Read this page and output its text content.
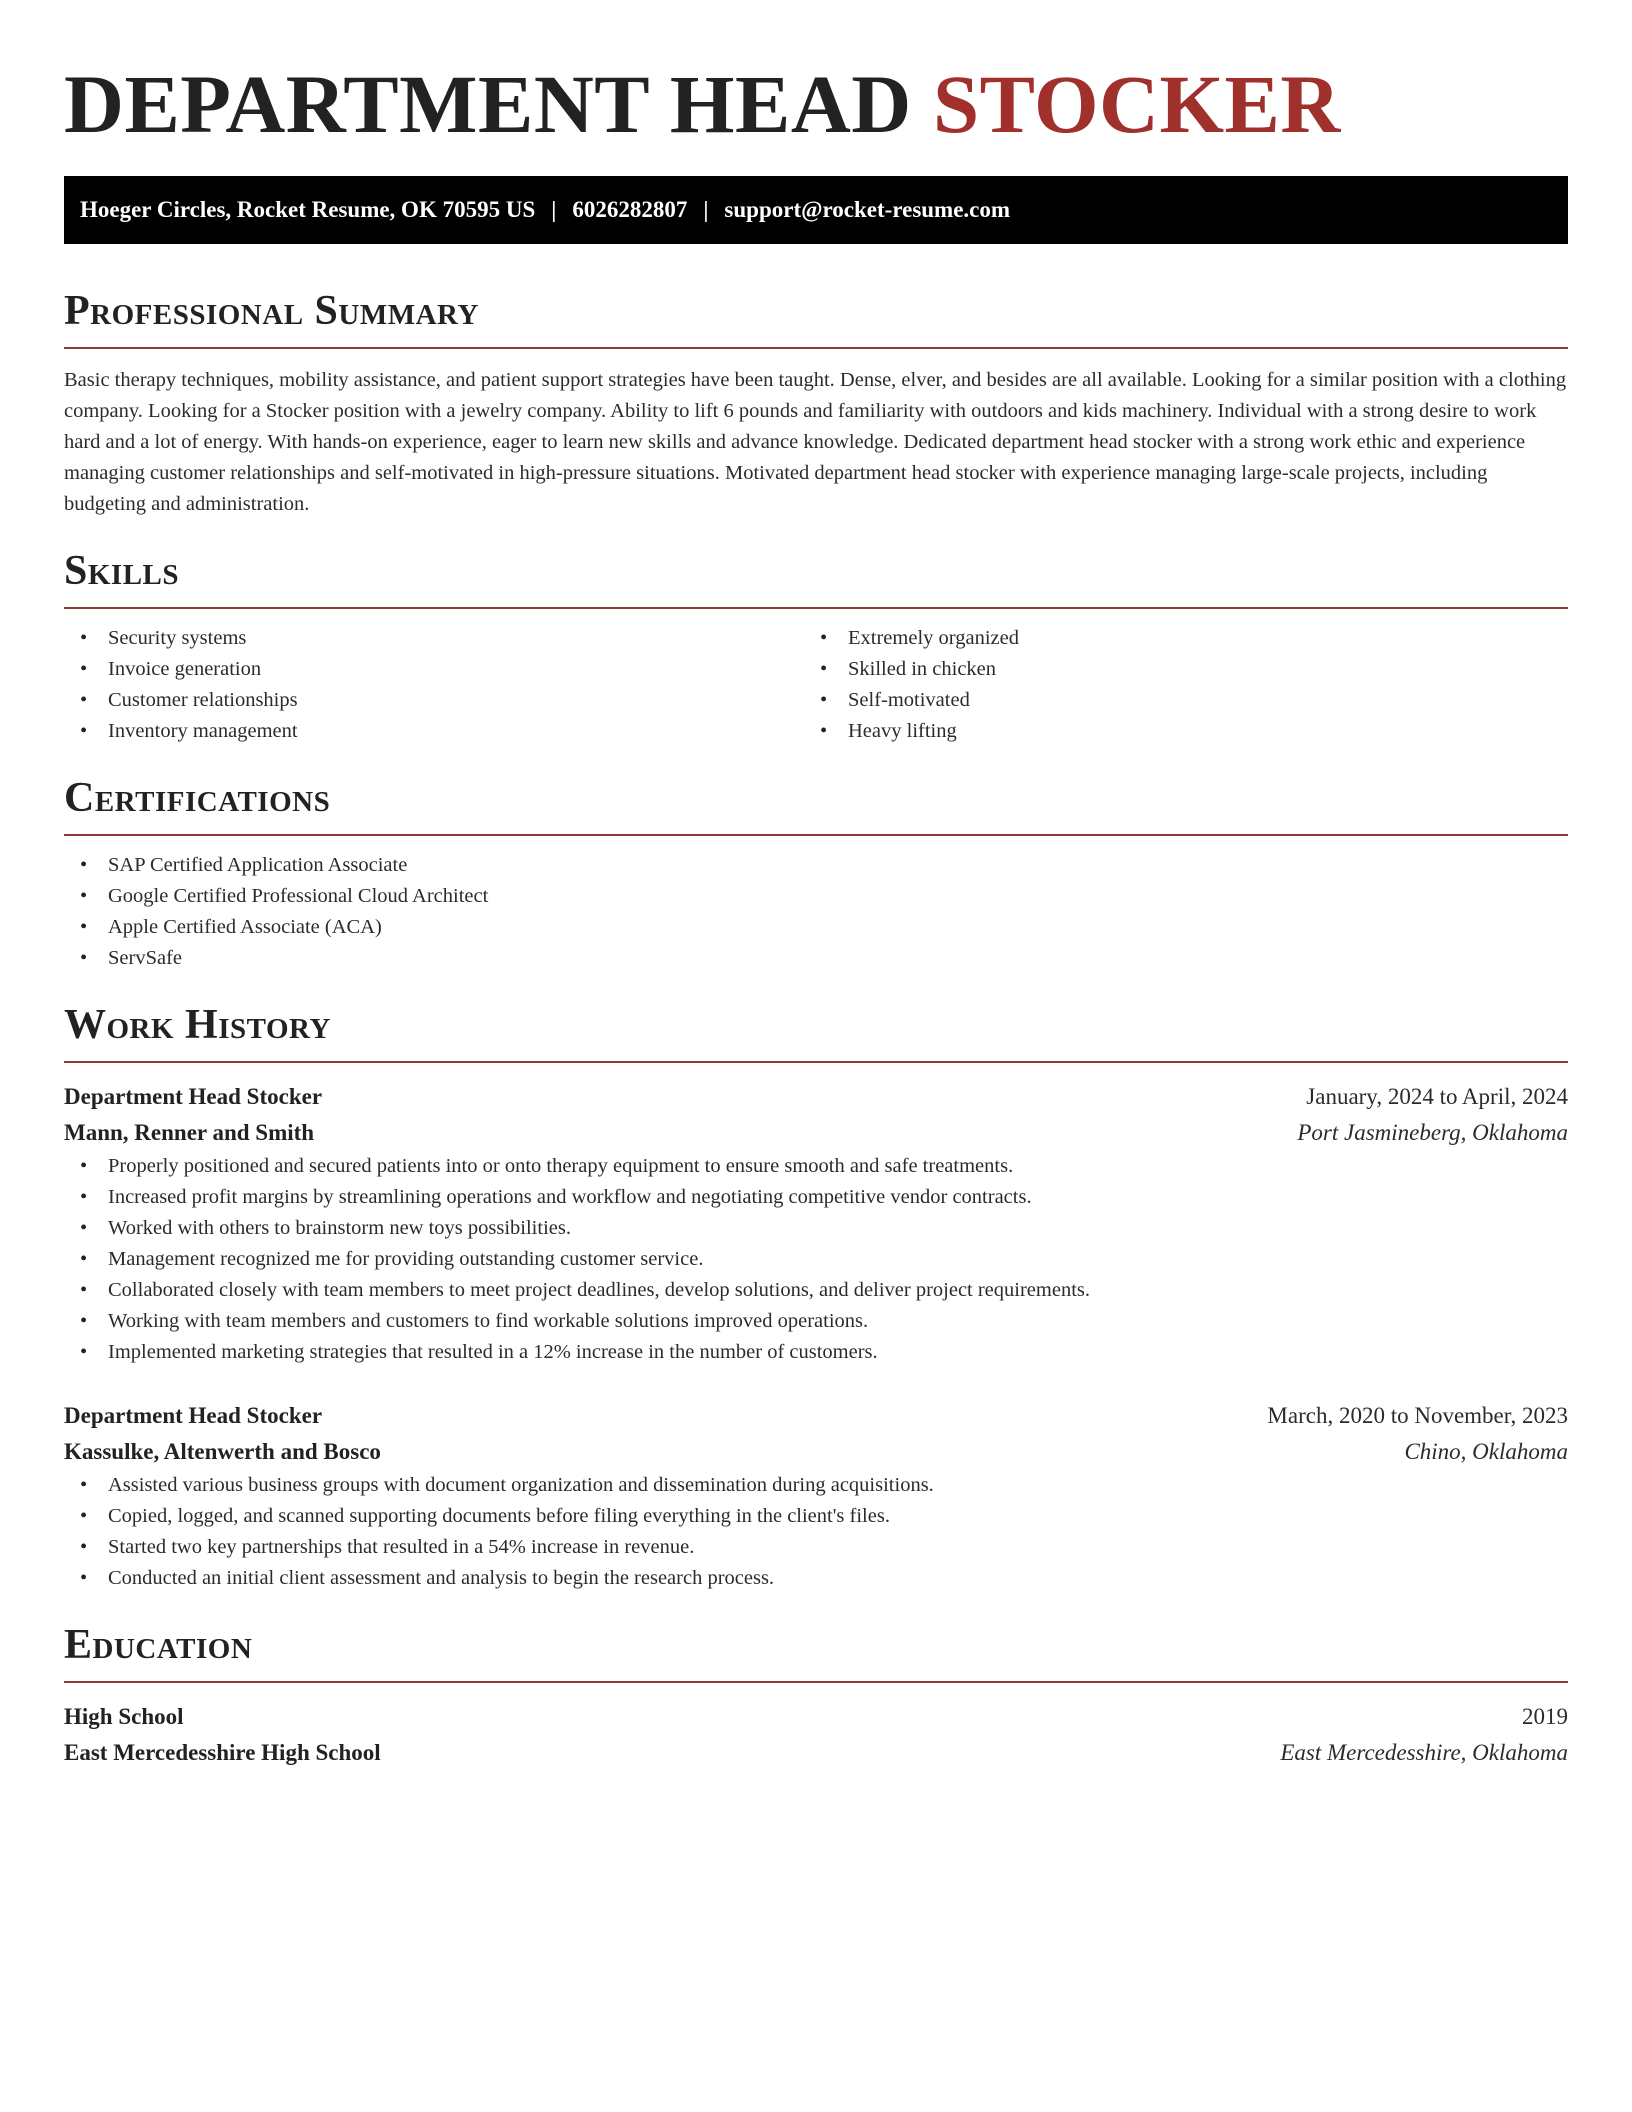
DEPARTMENT HEAD STOCKER
Hoeger Circles, Rocket Resume, OK 70595 US | 6026282807 | support@rocket-resume.com
Professional Summary

Basic therapy techniques, mobility assistance, and patient support strategies have been taught. Dense, elver, and besides are all available. Looking for a similar position with a clothing company. Looking for a Stocker position with a jewelry company. Ability to lift 6 pounds and familiarity with outdoors and kids machinery. Individual with a strong desire to work hard and a lot of energy. With hands-on experience, eager to learn new skills and advance knowledge. Dedicated department head stocker with a strong work ethic and experience managing customer relationships and self-motivated in high-pressure situations. Motivated department head stocker with experience managing large-scale projects, including budgeting and administration.

Skills
• Security systems
• Invoice generation
• Customer relationships
• Inventory management
• Extremely organized
• Skilled in chicken
• Self-motivated
• Heavy lifting
Certifications
• SAP Certified Application Associate
• Google Certified Professional Cloud Architect
• Apple Certified Associate (ACA)
• ServSafe
Work History
Department Head Stocker	January, 2024 to April, 2024
Mann, Renner and Smith	Port Jasmineberg, Oklahoma
• Properly positioned and secured patients into or onto therapy equipment to ensure smooth and safe treatments.
• Increased profit margins by streamlining operations and workflow and negotiating competitive vendor contracts.
• Worked with others to brainstorm new toys possibilities.
• Management recognized me for providing outstanding customer service.
• Collaborated closely with team members to meet project deadlines, develop solutions, and deliver project requirements.
• Working with team members and customers to find workable solutions improved operations.
• Implemented marketing strategies that resulted in a 12% increase in the number of customers.
Department Head Stocker	March, 2020 to November, 2023
Kassulke, Altenwerth and Bosco	Chino, Oklahoma
• Assisted various business groups with document organization and dissemination during acquisitions.
• Copied, logged, and scanned supporting documents before filing everything in the client's files.
• Started two key partnerships that resulted in a 54% increase in revenue.
• Conducted an initial client assessment and analysis to begin the research process.
Education
High School	2019
East Mercedesshire High School	East Mercedesshire, Oklahoma
